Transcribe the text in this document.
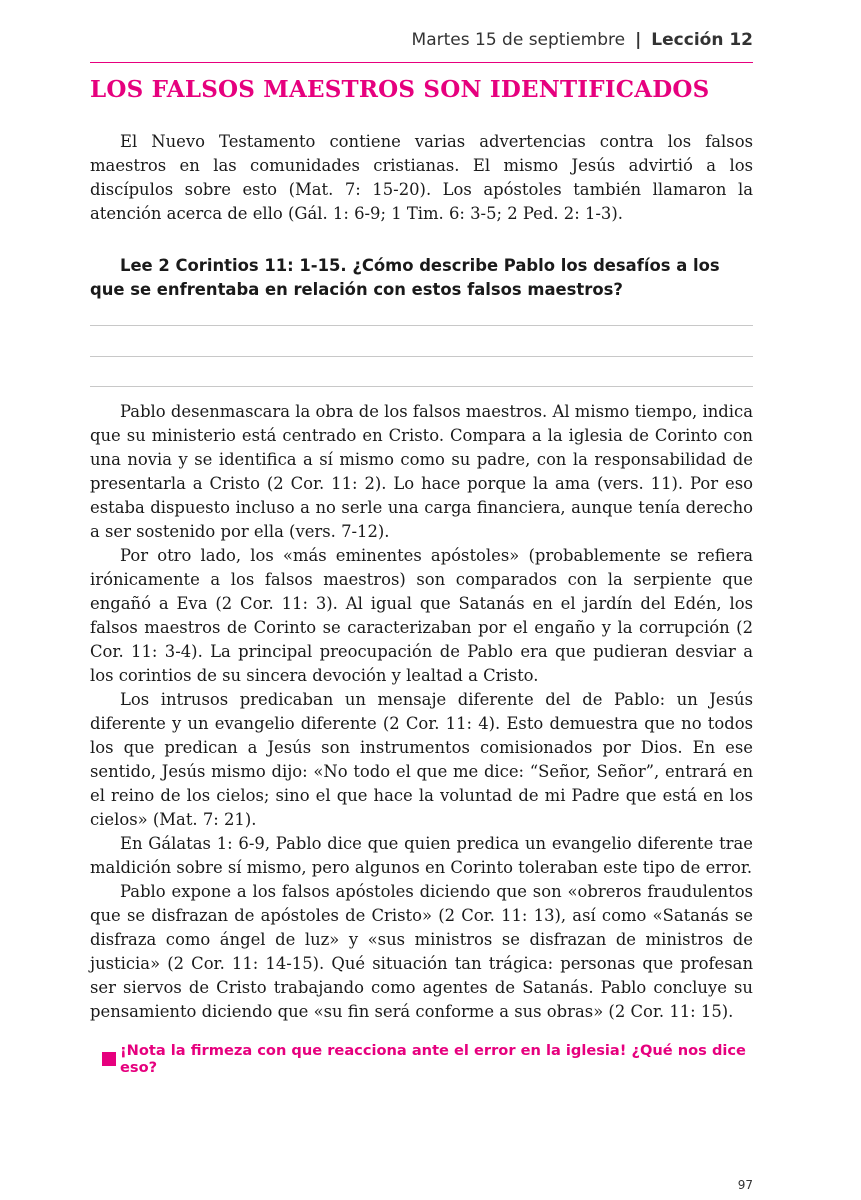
Martes 15 de septiembre | Lección 12
LOS FALSOS MAESTROS SON IDENTIFICADOS

El Nuevo Testamento contiene varias advertencias contra los falsos maestros en las comunidades cristianas. El mismo Jesús advirtió a los discípulos sobre esto (Mat. 7: 15-20). Los apóstoles también llamaron la atención acerca de ello (Gál. 1: 6-9; 1 Tim. 6: 3-5; 2 Ped. 2: 1-3).

Lee 2 Corintios 11: 1-15. ¿Cómo describe Pablo los desafíos a los que se enfrentaba en relación con estos falsos maestros?

Pablo desenmascara la obra de los falsos maestros. Al mismo tiempo, indica que su ministerio está centrado en Cristo. Compara a la iglesia de Corinto con una novia y se identifica a sí mismo como su padre, con la responsabilidad de presentarla a Cristo (2 Cor. 11: 2). Lo hace porque la ama (vers. 11). Por eso estaba dispuesto incluso a no serle una carga financiera, aunque tenía derecho a ser sostenido por ella (vers. 7-12).

Por otro lado, los «más eminentes apóstoles» (probablemente se refiera irónicamente a los falsos maestros) son comparados con la serpiente que engañó a Eva (2 Cor. 11: 3). Al igual que Satanás en el jardín del Edén, los falsos maestros de Corinto se caracterizaban por el engaño y la corrupción (2 Cor. 11: 3-4). La principal preocupación de Pablo era que pudieran desviar a los corintios de su sincera devoción y lealtad a Cristo.

Los intrusos predicaban un mensaje diferente del de Pablo: un Jesús diferente y un evangelio diferente (2 Cor. 11: 4). Esto demuestra que no todos los que predican a Jesús son instrumentos comisionados por Dios. En ese sentido, Jesús mismo dijo: «No todo el que me dice: “Señor, Señor”, entrará en el reino de los cielos; sino el que hace la voluntad de mi Padre que está en los cielos» (Mat. 7: 21).

En Gálatas 1: 6-9, Pablo dice que quien predica un evangelio diferente trae maldición sobre sí mismo, pero algunos en Corinto toleraban este tipo de error.

Pablo expone a los falsos apóstoles diciendo que son «obreros fraudulentos que se disfrazan de apóstoles de Cristo» (2 Cor. 11: 13), así como «Satanás se disfraza como ángel de luz» y «sus ministros se disfrazan de ministros de justicia» (2 Cor. 11: 14-15). Qué situación tan trágica: personas que profesan ser siervos de Cristo trabajando como agentes de Satanás. Pablo concluye su pensamiento diciendo que «su fin será conforme a sus obras» (2 Cor. 11: 15).

¡Nota la firmeza con que reacciona ante el error en la iglesia! ¿Qué nos dice eso?
97
